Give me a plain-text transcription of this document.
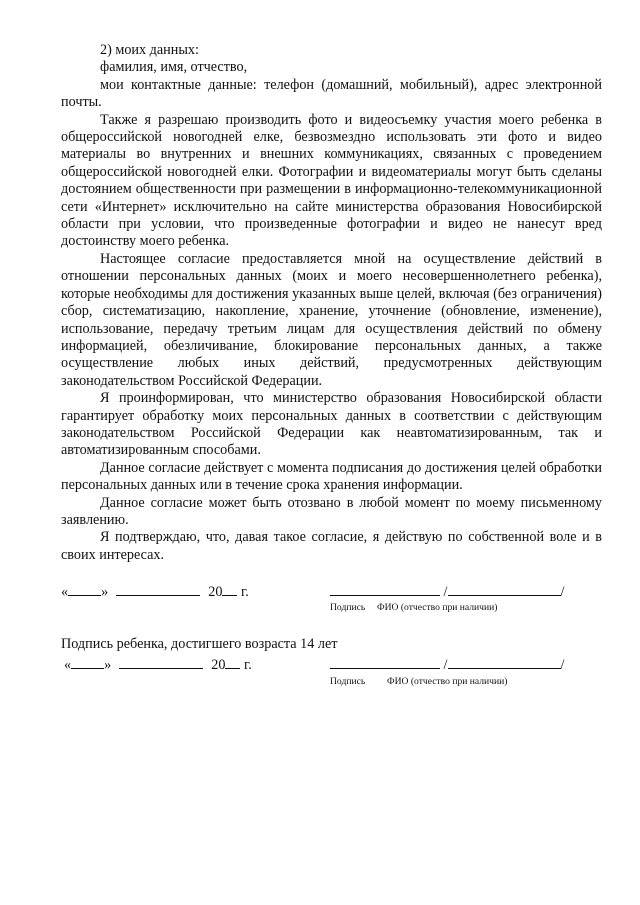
2) моих данных:

фамилия, имя, отчество,

мои контактные данные: телефон (домашний, мобильный), адрес электронной почты.

Также я разрешаю производить фото и видеосъемку участия моего ребенка в общероссийской новогодней елке, безвозмездно использовать эти фото и видео материалы во внутренних и внешних коммуникациях, связанных с проведением общероссийской новогодней елки. Фотографии и видеоматериалы могут быть сделаны достоянием общественности при размещении в информационно-телекоммуникационной сети «Интернет» исключительно на сайте министерства образования Новосибирской области при условии, что произведенные фотографии и видео не нанесут вред достоинству моего ребенка.

Настоящее согласие предоставляется мной на осуществление действий в отношении персональных данных (моих и моего несовершеннолетнего ребенка), которые необходимы для достижения указанных выше целей, включая (без ограничения) сбор, систематизацию, накопление, хранение, уточнение (обновление, изменение), использование, передачу третьим лицам для осуществления действий по обмену информацией, обезличивание, блокирование персональных данных, а также осуществление любых иных действий, предусмотренных действующим законодательством Российской Федерации.

Я проинформирован, что министерство образования Новосибирской области гарантирует обработку моих персональных данных в соответствии с действующим законодательством Российской Федерации как неавтоматизированным, так и автоматизированным способами.

Данное согласие действует с момента подписания до достижения целей обработки персональных данных или в течение срока хранения информации.

Данное согласие может быть отозвано в любой момент по моему письменному заявлению.

Я подтверждаю, что, давая такое согласие, я действую по собственной воле и в своих интересах.

« »	20 г.	/	/
Подпись ФИО (отчество при наличии)
Подпись ребенка, достигшего возраста 14 лет
« »	20 г.	/	/
Подпись ФИО (отчество при наличии)
